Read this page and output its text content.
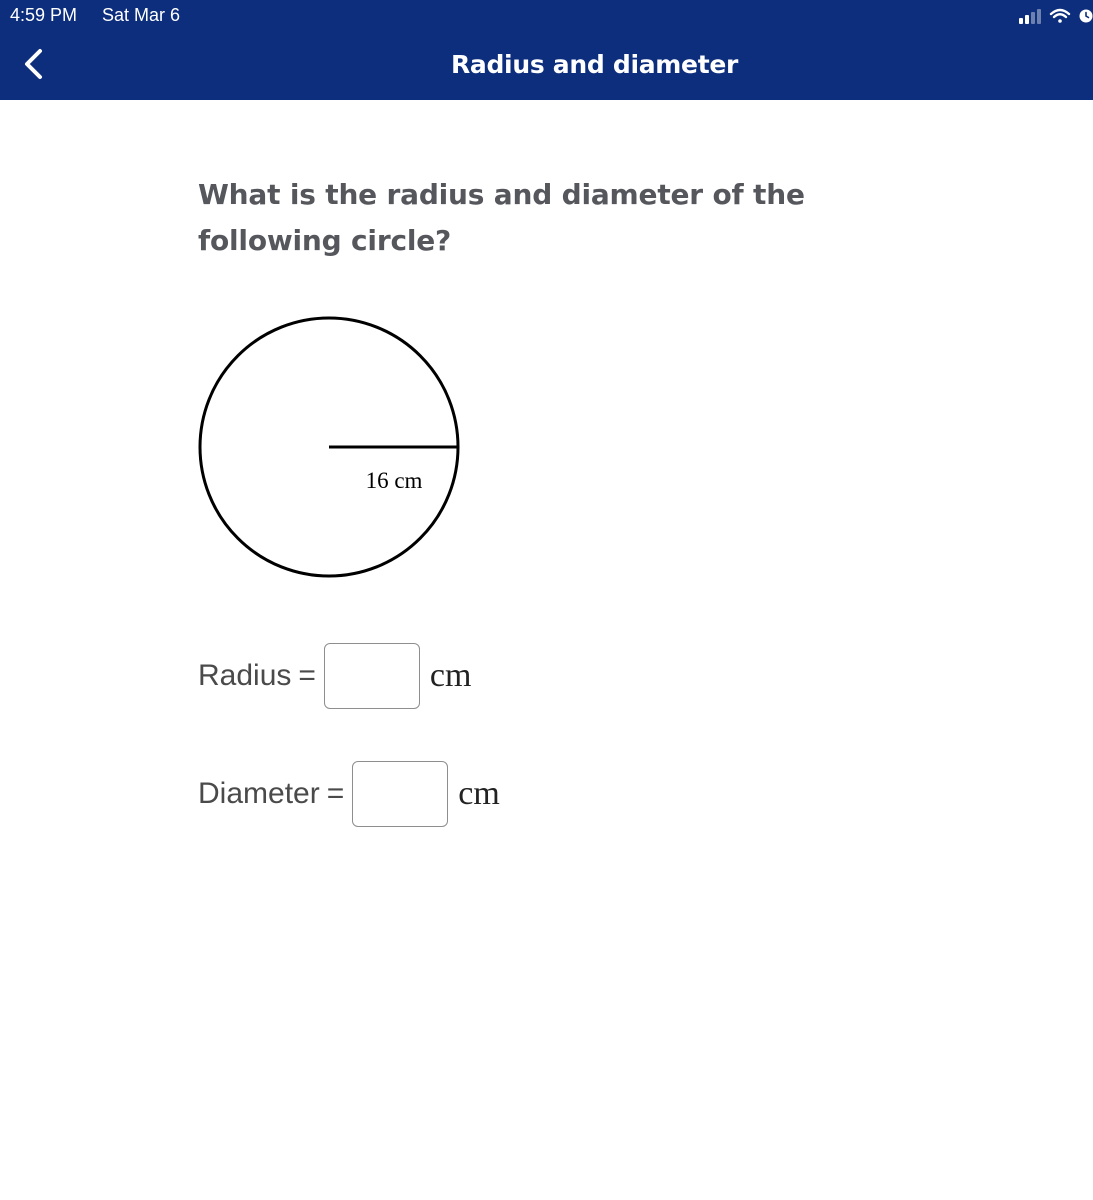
4:59 PM Sat Mar 6
Radius and diameter

What is the radius and diameter of the following circle?

16 cm
Radius =	cm
Diameter =	cm
